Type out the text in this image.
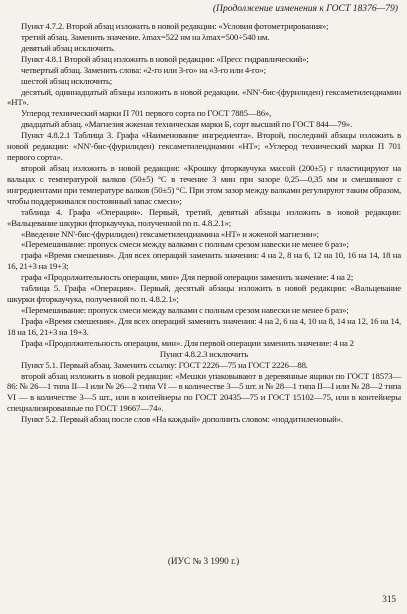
(Продолжение изменения к ГОСТ 18376—79)

Пункт 4.7.2. Второй абзац изложить в новой редакции: «Условия фотометрирования»;

третий абзац. Заменить значение. λmax=522 нм на λmax=500÷540 нм.

девятый абзац исключить.

Пункт 4.8.1 Второй абзац изложить в новой редакции: «Пресс гидравлический»;

четвертый абзац. Заменить слова: «2-го или 3-го» на «3-го или 4-го»;

шестой абзац исключить;

десятый, одиннадцатый абзацы изложить в новой редакции. «NN'-бис-(фурилиден) гексаметилендиамин «НТ».

Углерод технический марки П 701 первого сорта по ГОСТ 7885—86»,

двадцатый абзац. «Магнезия жженая техническая марки Б, сорт высший по ГОСТ 844—79».

Пункт 4.8.2.1 Таблица 3. Графа «Наименование ингредиента». Второй, последний абзацы изложить в новой редакции: «NN'-бис-(фурилиден) гексаметилендиамин «НТ»; «Углерод технический марки П 701 первого сорта».

второй абзац изложить в новой редакции: «Крошку фторкаучука массой (200±5) г пластицируют на вальцах с температурой валков (50±5) °С в течение 3 мин при зазоре 0,25—0,35 мм и смешивают с ингредиентами при температуре валков (50±5) °С. При этом зазор между валками регулируют таким образом, чтобы поддерживался постоянный запас смеси»;

таблица 4. Графа «Операция». Первый, третий, девятый абзацы изложить в новой редакции: «Вальцевание шкурки фторкаучука, полученной по п. 4.8.2.1»;

«Введение NN'-бис-(фурилиден) гексаметилендиамина «НТ» и жженой магнезии»;

«Перемешивание: пропуск смеси между валками с полным срезом навески не менее 6 раз»;

графа «Время смешения». Для всех операций заменить значения: 4 на 2, 8 на 6, 12 на 10, 16 на 14, 18 на 16, 21+3 на 19+3;

графа «Продолжительность операции, мин» Для первой операции заменить значение: 4 на 2;

таблица 5. Графа «Операция». Первый, десятый абзацы изложить в новой редакции: «Вальцевание шкурки фторкаучука, полученной по п. 4.8.2.1»;

«Перемешивание: пропуск смеси между валками с полным срезом навески не менее 6 раз»;

Графа «Время смешения». Для всех операций заменить значения: 4 на 2, 6 на 4, 10 на 8, 14 на 12, 16 на 14, 18 на 16, 21+3 на 19+3.

Графа «Продолжительность операции, мин». Для первой операции заменить значение: 4 на 2

Пункт 4.8.2.3 исключить

Пункт 5.1. Первый абзац. Заменить ссылку: ГОСТ 2226—75 на ГОСТ 2226—88.

второй абзац изложить в новой редакции: «Мешки упаковывают в деревянные ящики по ГОСТ 18573—86: № 26—1 типа II—I или № 26—2 типа VI — в количестве 3—5 шт. и № 28—1 типа II—I или № 28—2 типа VI — в количестве 3—5 шт., или в контейнеры по ГОСТ 20435—75 и ГОСТ 15102—75, или в контейнеры специализированные по ГОСТ 19667—74».

Пункт 5.2. Первый абзац после слов «На каждый» дополнить словом: «поддитиленовый».

(ИУС № 3 1990 г.)
315
